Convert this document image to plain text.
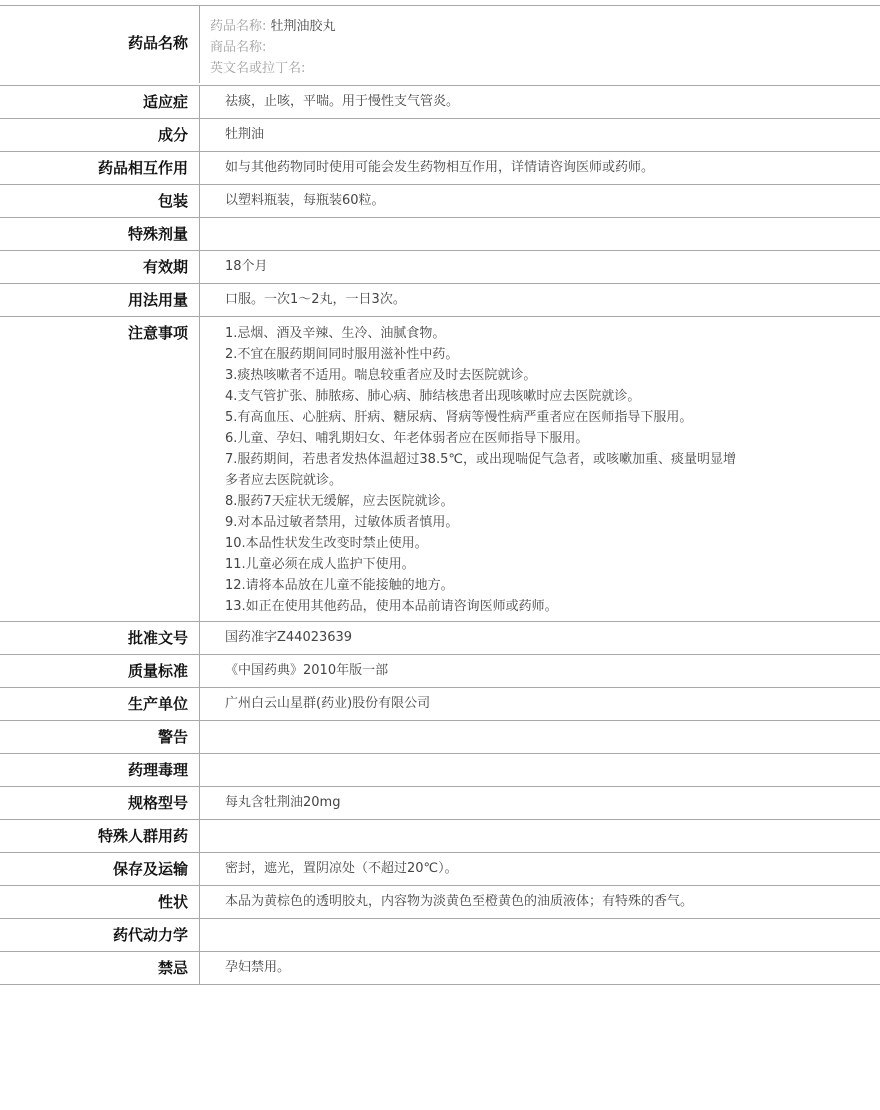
药品名称
药品名称: 牡荆油胶丸
商品名称:
英文名或拉丁名:
适应症	祛痰，止咳，平喘。用于慢性支气管炎。
成分	牡荆油
药品相互作用	如与其他药物同时使用可能会发生药物相互作用，详情请咨询医师或药师。
包装	以塑料瓶装，每瓶装60粒。
特殊剂量
有效期	18个月
用法用量	口服。一次1～2丸，一日3次。
注意事项	1.忌烟、酒及辛辣、生冷、油腻食物。
2.不宜在服药期间同时服用滋补性中药。
3.痰热咳嗽者不适用。喘息较重者应及时去医院就诊。
4.支气管扩张、肺脓疡、肺心病、肺结核患者出现咳嗽时应去医院就诊。
5.有高血压、心脏病、肝病、糖尿病、肾病等慢性病严重者应在医师指导下服用。
6.儿童、孕妇、哺乳期妇女、年老体弱者应在医师指导下服用。
7.服药期间，若患者发热体温超过38.5℃，或出现喘促气急者，或咳嗽加重、痰量明显增多者应去医院就诊。
8.服药7天症状无缓解，应去医院就诊。
9.对本品过敏者禁用，过敏体质者慎用。
10.本品性状发生改变时禁止使用。
11.儿童必须在成人监护下使用。
12.请将本品放在儿童不能接触的地方。
13.如正在使用其他药品，使用本品前请咨询医师或药师。
批准文号	国药准字Z44023639
质量标准	《中国药典》2010年版一部
生产单位	广州白云山星群(药业)股份有限公司
警告
药理毒理
规格型号	每丸含牡荆油20mg
特殊人群用药
保存及运输	密封，遮光，置阴凉处（不超过20℃）。
性状	本品为黄棕色的透明胶丸，内容物为淡黄色至橙黄色的油质液体；有特殊的香气。
药代动力学
禁忌	孕妇禁用。
